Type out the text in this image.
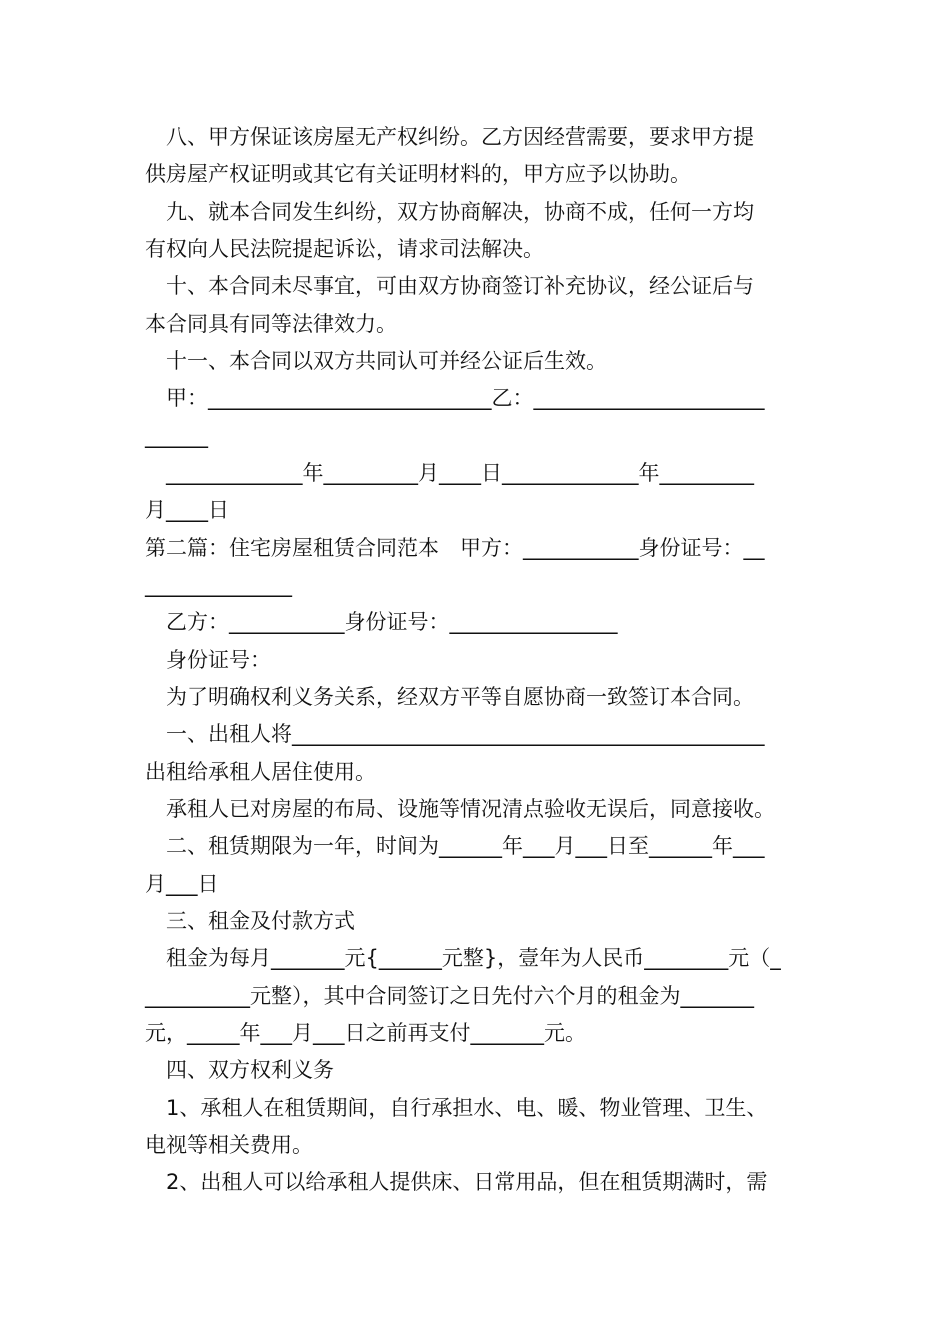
八、甲方保证该房屋无产权纠纷。乙方因经营需要，要求甲方提

供房屋产权证明或其它有关证明材料的，甲方应予以协助。

九、就本合同发生纠纷，双方协商解决，协商不成，任何一方均

有权向人民法院提起诉讼，请求司法解决。

十、本合同未尽事宜，可由双方协商签订补充协议，经公证后与

本合同具有同等法律效力。

十一、本合同以双方共同认可并经公证后生效。

甲：___________________________乙：______________________

______

_____________年_________月____日_____________年_________

月____日

第二篇：住宅房屋租赁合同范本　甲方：___________身份证号：__

______________

乙方：___________身份证号：________________

身份证号：

为了明确权利义务关系，经双方平等自愿协商一致签订本合同。

一、出租人将_____________________________________________

出租给承租人居住使用。

承租人已对房屋的布局、设施等情况清点验收无误后，同意接收。

二、租赁期限为一年，时间为______年___月___日至______年___

月___日

三、租金及付款方式

租金为每月_______元{______元整}，壹年为人民币________元（_

__________元整），其中合同签订之日先付六个月的租金为_______

元，_____年___月___日之前再支付_______元。

四、双方权利义务

1、承租人在租赁期间，自行承担水、电、暖、物业管理、卫生、

电视等相关费用。

2、出租人可以给承租人提供床、日常用品，但在租赁期满时，需
